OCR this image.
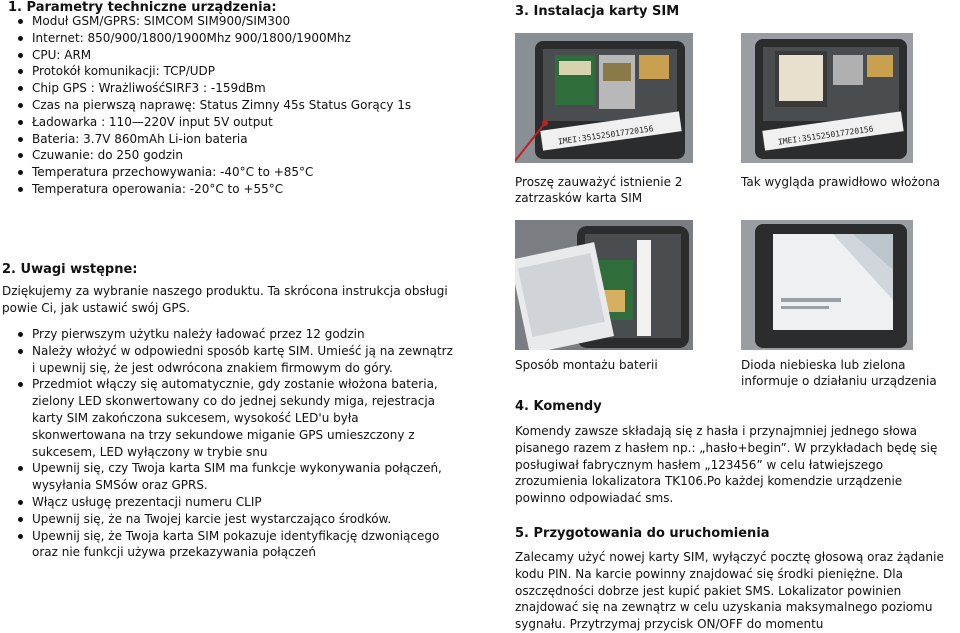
1. Parametry techniczne urządzenia:
Moduł GSM/GPRS: SIMCOM SIM900/SIM300
Internet: 850/900/1800/1900Mhz 900/1800/1900Mhz
CPU: ARM
Protokół komunikacji: TCP/UDP
Chip GPS : WrażliwośćSIRF3 : -159dBm
Czas na pierwszą naprawę: Status Zimny 45s Status Gorący 1s
Ładowarka : 110—220V input 5V output
Bateria: 3.7V 860mAh Li-ion bateria
Czuwanie: do 250 godzin
Temperatura przechowywania: -40°C to +85°C
Temperatura operowania: -20°C to +55°C
2. Uwagi wstępne:
Dziękujemy za wybranie naszego produktu. Ta skrócona instrukcja obsługi powie Ci, jak ustawić swój GPS.
Przy pierwszym użytku należy ładować przez 12 godzin
Należy włożyć w odpowiedni sposób kartę SIM. Umieść ją na zewnątrz i upewnij się, że jest odwrócona znakiem firmowym do góry.
Przedmiot włączy się automatycznie, gdy zostanie włożona bateria, zielony LED skonwertowany co do jednej sekundy miga, rejestracja karty SIM zakończona sukcesem, wysokość LED'u była skonwertowana na trzy sekundowe miganie GPS umieszczony z sukcesem, LED wyłączony w trybie snu
Upewnij się, czy Twoja karta SIM ma funkcje wykonywania połączeń, wysyłania SMSów oraz GPRS.
Włącz usługę prezentacji numeru CLIP
Upewnij się, że na Twojej karcie jest wystarczająco środków.
Upewnij się, że Twoja karta SIM pokazuje identyfikację dzwoniącego oraz nie funkcji używa przekazywania połączeń
3. Instalacja karty SIM
IMEI:351525017720156	IMEI:351525017720156
Proszę zauważyć istnienie 2 zatrzasków karta SIM
Tak wygląda prawidłowo włożona
Sposób montażu baterii	Dioda niebieska lub zielona informuje o działaniu urządzenia
4. Komendy
Komendy zawsze składają się z hasła i przynajmniej jednego słowa pisanego razem z hasłem np.: „hasło+begin”. W przykładach będę się posługiwał fabrycznym hasłem „123456” w celu łatwiejszego zrozumienia lokalizatora TK106.Po każdej komendzie urządzenie powinno odpowiadać sms.
5. Przygotowania do uruchomienia
Zalecamy użyć nowej karty SIM, wyłączyć pocztę głosową oraz żądanie kodu PIN. Na karcie powinny znajdować się środki pieniężne. Dla oszczędności dobrze jest kupić pakiet SMS. Lokalizator powinien znajdować się na zewnątrz w celu uzyskania maksymalnego poziomu sygnału. Przytrzymaj przycisk ON/OFF do momentu
